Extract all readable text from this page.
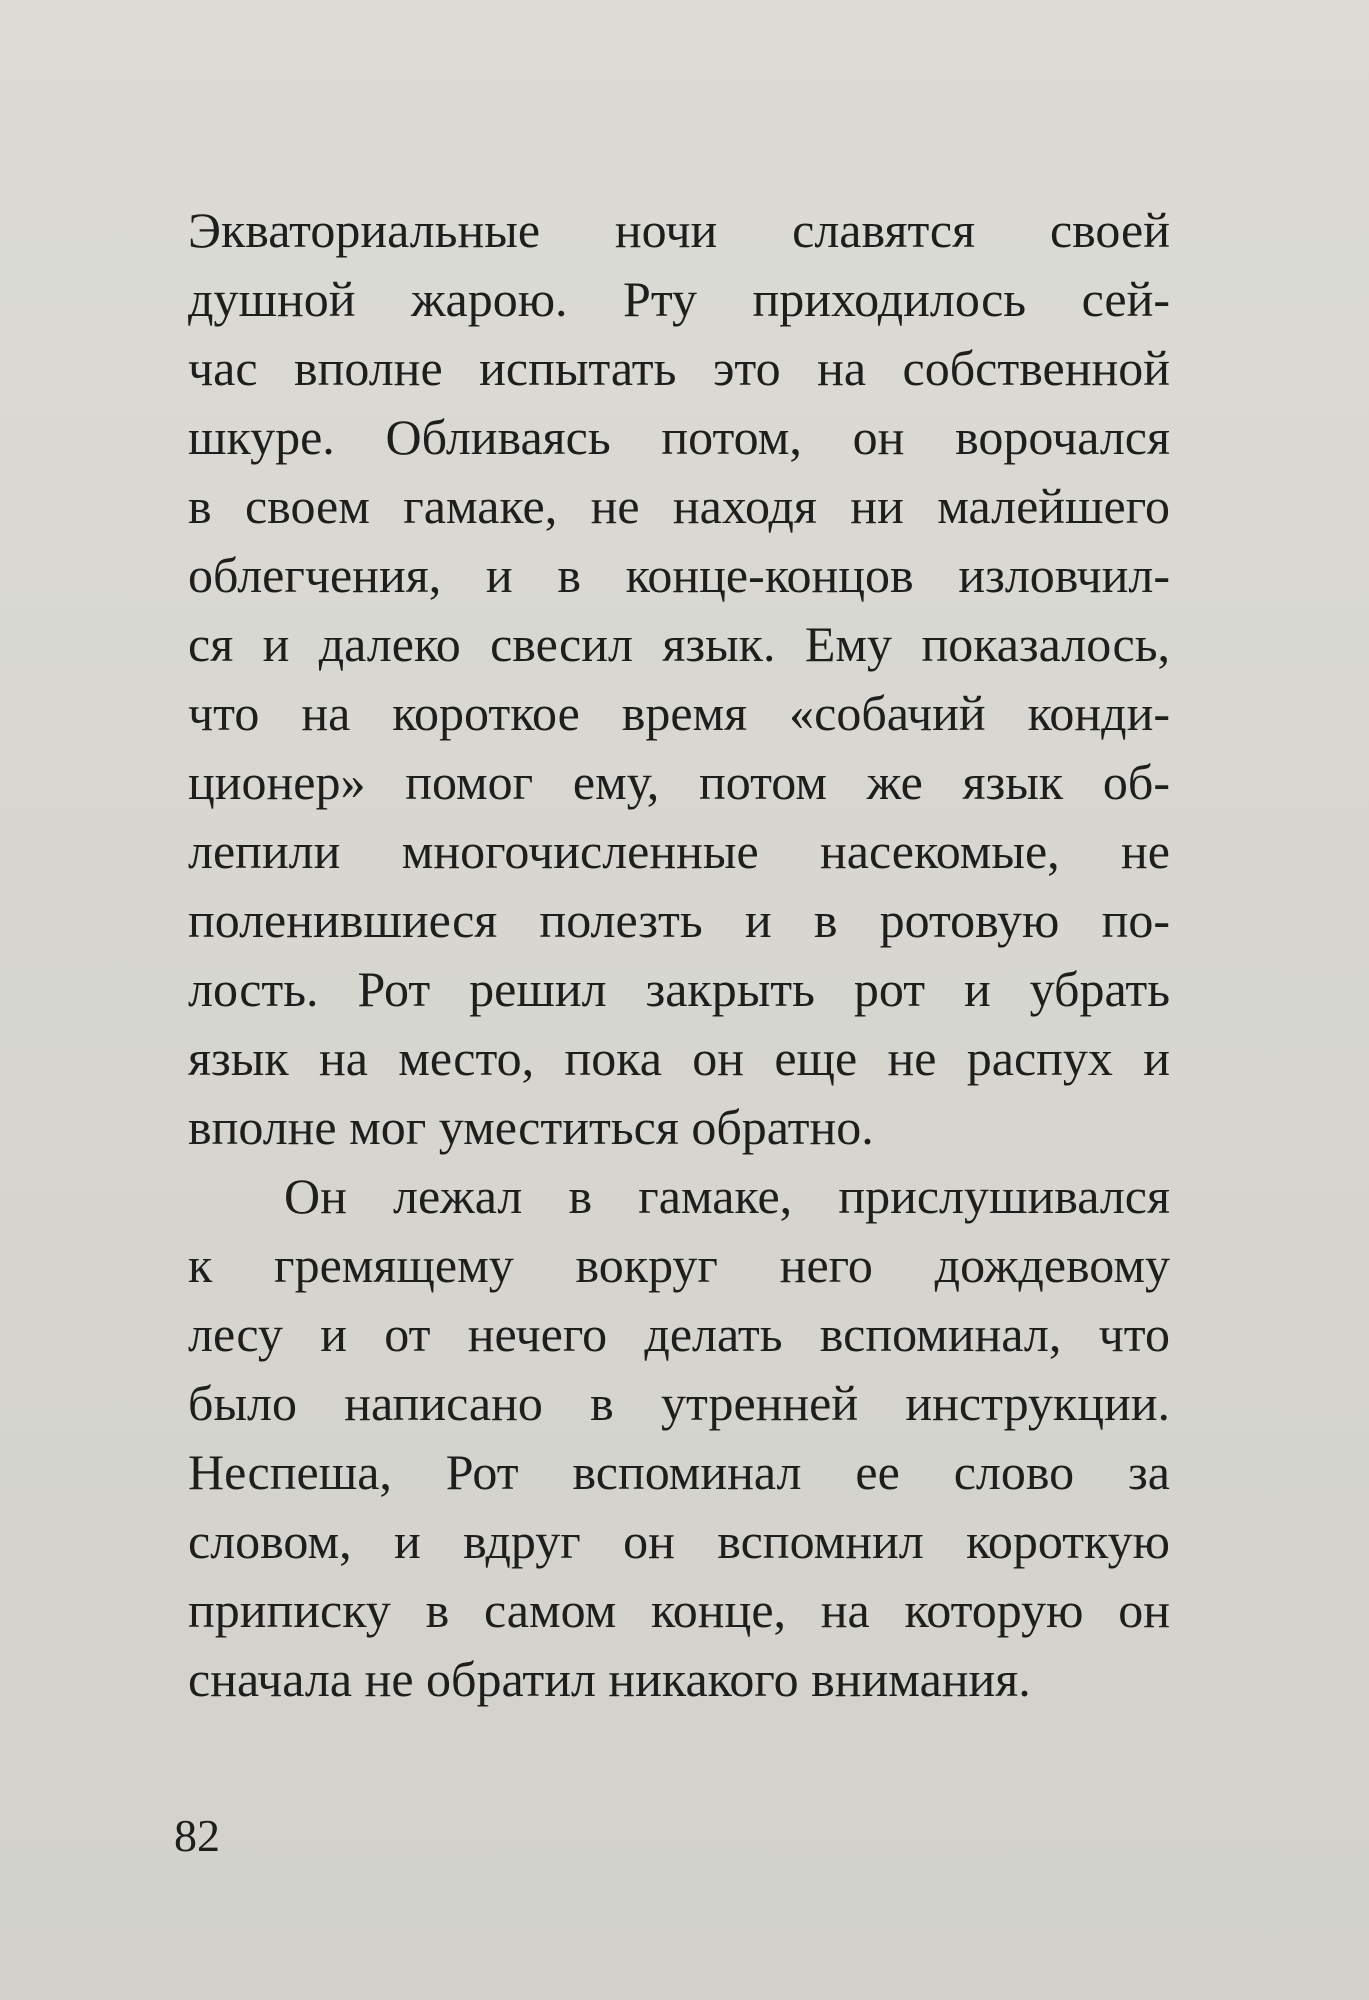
Экваториальные ночи славятся своей
душной жарою. Рту приходилось сей-
час вполне испытать это на собственной
шкуре. Обливаясь потом, он ворочался
в своем гамаке, не находя ни малейшего
облегчения, и в конце-концов изловчил-
ся и далеко свесил язык. Ему показалось,
что на короткое время «собачий конди-
ционер» помог ему, потом же язык об-
лепили многочисленные насекомые, не
поленившиеся полезть и в ротовую по-
лость. Рот решил закрыть рот и убрать
язык на место, пока он еще не распух и
вполне мог уместиться обратно.
Он лежал в гамаке, прислушивался
к гремящему вокруг него дождевому
лесу и от нечего делать вспоминал, что
было написано в утренней инструкции.
Неспеша, Рот вспоминал ее слово за
словом, и вдруг он вспомнил короткую
приписку в самом конце, на которую он
сначала не обратил никакого внимания.
82
